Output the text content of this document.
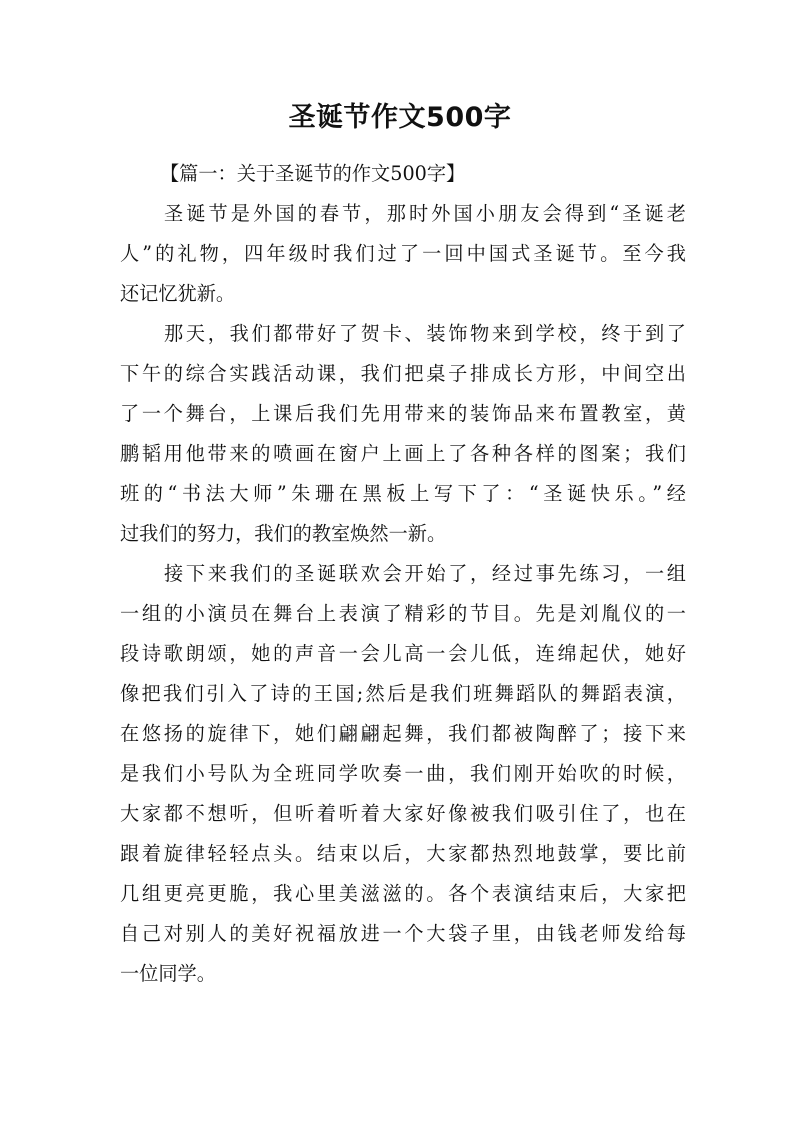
圣诞节作文500字

【篇一：关于圣诞节的作文500字】

圣诞节是外国的春节，那时外国小朋友会得到“圣诞老
人”的礼物，四年级时我们过了一回中国式圣诞节。至今我
还记忆犹新。

那天，我们都带好了贺卡、装饰物来到学校，终于到了
下午的综合实践活动课，我们把桌子排成长方形，中间空出
了一个舞台，上课后我们先用带来的装饰品来布置教室，黄
鹏韬用他带来的喷画在窗户上画上了各种各样的图案；我们
班的“书法大师”朱珊在黑板上写下了：“圣诞快乐。”经
过我们的努力，我们的教室焕然一新。

接下来我们的圣诞联欢会开始了，经过事先练习，一组
一组的小演员在舞台上表演了精彩的节目。先是刘胤仪的一
段诗歌朗颂，她的声音一会儿高一会儿低，连绵起伏，她好
像把我们引入了诗的王国;然后是我们班舞蹈队的舞蹈表演，
在悠扬的旋律下，她们翩翩起舞，我们都被陶醉了；接下来
是我们小号队为全班同学吹奏一曲，我们刚开始吹的时候，
大家都不想听，但听着听着大家好像被我们吸引住了，也在
跟着旋律轻轻点头。结束以后，大家都热烈地鼓掌，要比前
几组更亮更脆，我心里美滋滋的。各个表演结束后，大家把
自己对别人的美好祝福放进一个大袋子里，由钱老师发给每
一位同学。
